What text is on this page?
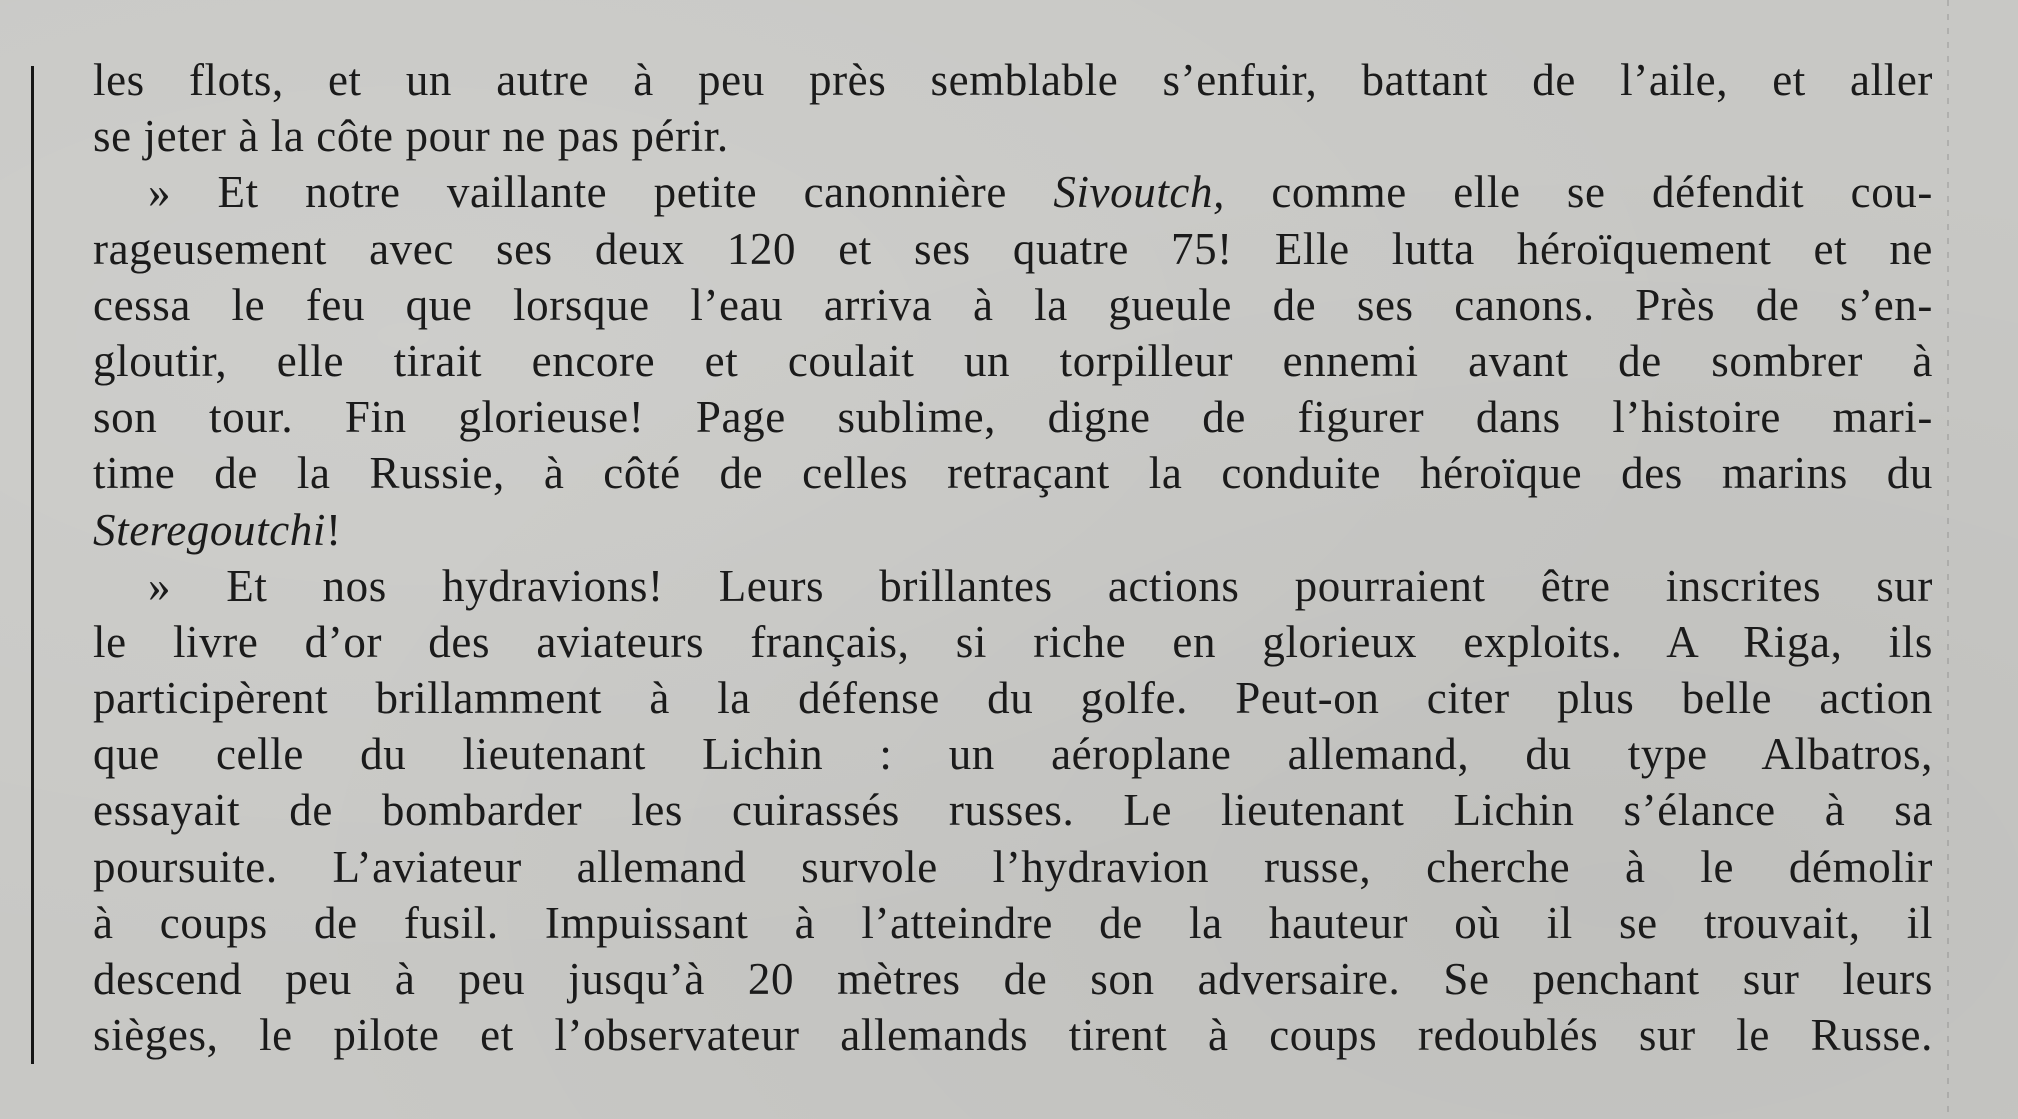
les flots, et un autre à peu près semblable s’enfuir, battant de l’aile, et aller
se jeter à la côte pour ne pas périr.
» Et notre vaillante petite canonnière Sivoutch, comme elle se défendit cou-
rageusement avec ses deux 120 et ses quatre 75! Elle lutta héroïquement et ne
cessa le feu que lorsque l’eau arriva à la gueule de ses canons. Près de s’en-
gloutir, elle tirait encore et coulait un torpilleur ennemi avant de sombrer à
son tour. Fin glorieuse! Page sublime, digne de figurer dans l’histoire mari-
time de la Russie, à côté de celles retraçant la conduite héroïque des marins du
Steregoutchi!
» Et nos hydravions! Leurs brillantes actions pourraient être inscrites sur
le livre d’or des aviateurs français, si riche en glorieux exploits. A Riga, ils
participèrent brillamment à la défense du golfe. Peut-on citer plus belle action
que celle du lieutenant Lichin : un aéroplane allemand, du type Albatros,
essayait de bombarder les cuirassés russes. Le lieutenant Lichin s’élance à sa
poursuite. L’aviateur allemand survole l’hydravion russe, cherche à le démolir
à coups de fusil. Impuissant à l’atteindre de la hauteur où il se trouvait, il
descend peu à peu jusqu’à 20 mètres de son adversaire. Se penchant sur leurs
sièges, le pilote et l’observateur allemands tirent à coups redoublés sur le Russe.
